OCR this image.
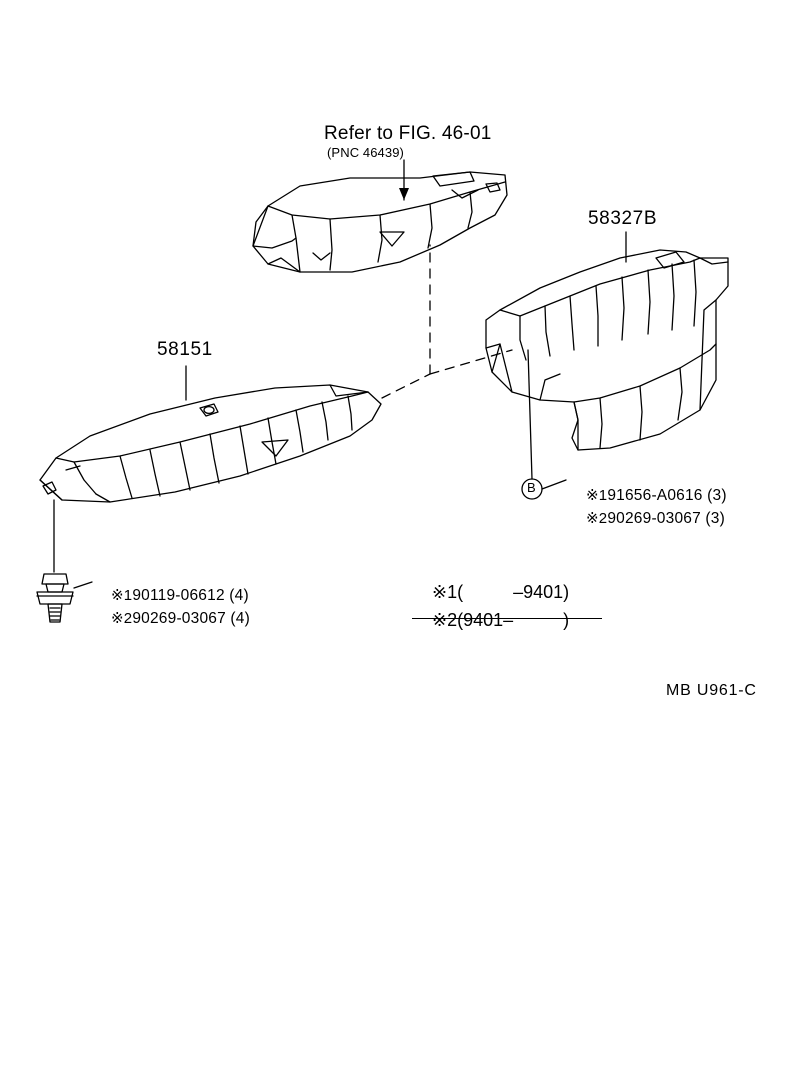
Refer to FIG. 46-01
(PNC 46439)
58151
58327B

※190119-06612 (4)

※290269-03067 (4)

B	※191656-A0616 (3)

※290269-03067 (3)

※1(          –9401)

※2(9401–          )

MB U961-C
